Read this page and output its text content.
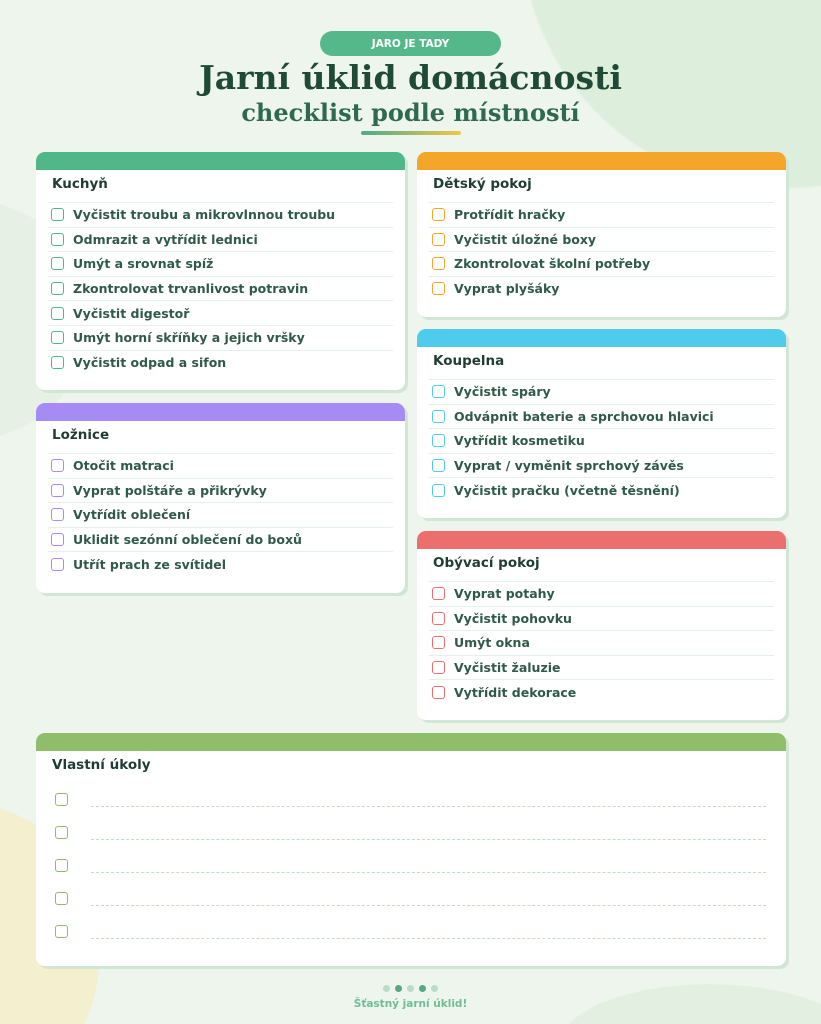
JARO JE TADY
Jarní úklid domácnosti
checklist podle místností
Kuchyň
Vyčistit troubu a mikrovlnnou troubu
Odmrazit a vytřídit lednici
Umýt a srovnat spíž
Zkontrolovat trvanlivost potravin
Vyčistit digestoř
Umýt horní skříňky a jejich vršky
Vyčistit odpad a sifon
Ložnice
Otočit matraci
Vyprat polštáře a přikrývky
Vytřídit oblečení
Uklidit sezónní oblečení do boxů
Utřít prach ze svítidel
Dětský pokoj
Protřídit hračky
Vyčistit úložné boxy
Zkontrolovat školní potřeby
Vyprat plyšáky
Koupelna
Vyčistit spáry
Odvápnit baterie a sprchovou hlavici
Vytřídit kosmetiku
Vyprat / vyměnit sprchový závěs
Vyčistit pračku (včetně těsnění)
Obývací pokoj
Vyprat potahy
Vyčistit pohovku
Umýt okna
Vyčistit žaluzie
Vytřídit dekorace
Vlastní úkoly
Šťastný jarní úklid!
